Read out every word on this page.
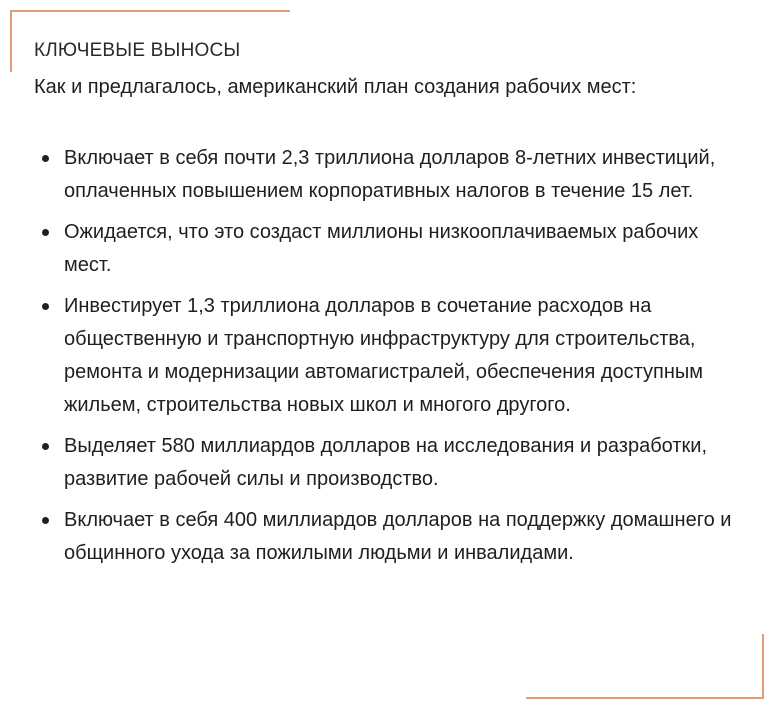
КЛЮЧЕВЫЕ ВЫНОСЫ

Как и предлагалось, американский план создания рабочих мест:

Включает в себя почти 2,3 триллиона долларов 8-летних инвестиций, оплаченных повышением корпоративных налогов в течение 15 лет.
Ожидается, что это создаст миллионы низкооплачиваемых рабочих мест.
Инвестирует 1,3 триллиона долларов в сочетание расходов на общественную и транспортную инфраструктуру для строительства, ремонта и модернизации автомагистралей, обеспечения доступным жильем, строительства новых школ и многого другого.
Выделяет 580 миллиардов долларов на исследования и разработки, развитие рабочей силы и производство.
Включает в себя 400 миллиардов долларов на поддержку домашнего и общинного ухода за пожилыми людьми и инвалидами.
